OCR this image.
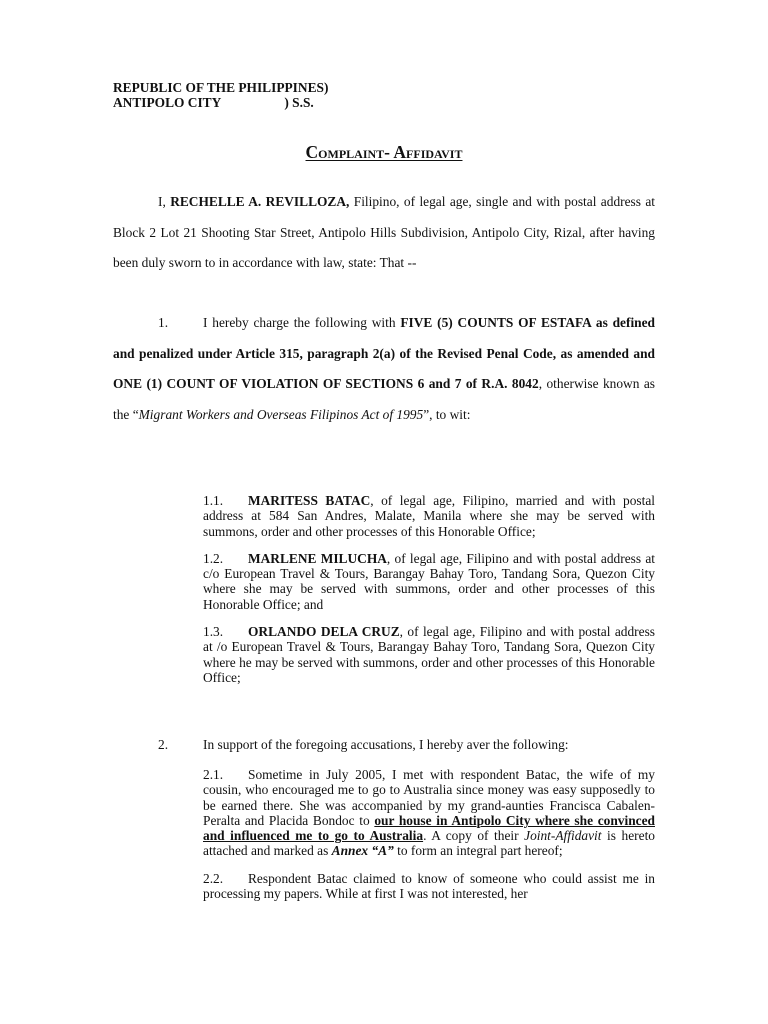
REPUBLIC OF THE PHILIPPINES)
ANTIPOLO CITY                   ) S.S.
Complaint- Affidavit

I, RECHELLE A. REVILLOZA, Filipino, of legal age, single and with postal address at Block 2 Lot 21 Shooting Star Street, Antipolo Hills Subdivision, Antipolo City, Rizal, after having been duly sworn to in accordance with law, state: That --

1.	I hereby charge the following with FIVE (5) COUNTS OF ESTAFA as defined and penalized under Article 315, paragraph 2(a) of the Revised Penal Code, as amended and ONE (1) COUNT OF VIOLATION OF SECTIONS 6 and 7 of R.A. 8042, otherwise known as the “Migrant Workers and Overseas Filipinos Act of 1995”, to wit:

1.1. MARITESS BATAC, of legal age, Filipino, married and with postal address at 584 San Andres, Malate, Manila where she may be served with summons, order and other processes of this Honorable Office;

1.2. MARLENE MILUCHA, of legal age, Filipino and with postal address at c/o European Travel & Tours, Barangay Bahay Toro, Tandang Sora, Quezon City where she may be served with summons, order and other processes of this Honorable Office; and

1.3. ORLANDO DELA CRUZ, of legal age, Filipino and with postal address at /o European Travel & Tours, Barangay Bahay Toro, Tandang Sora, Quezon City where he may be served with summons, order and other processes of this Honorable Office;

2.	In support of the foregoing accusations, I hereby aver the following:

2.1. Sometime in July 2005, I met with respondent Batac, the wife of my cousin, who encouraged me to go to Australia since money was easy supposedly to be earned there. She was accompanied by my grand-aunties Francisca Cabalen-Peralta and Placida Bondoc to our house in Antipolo City where she convinced and influenced me to go to Australia. A copy of their Joint-Affidavit is hereto attached and marked as Annex “A” to form an integral part hereof;

2.2. Respondent Batac claimed to know of someone who could assist me in processing my papers. While at first I was not interested, her
